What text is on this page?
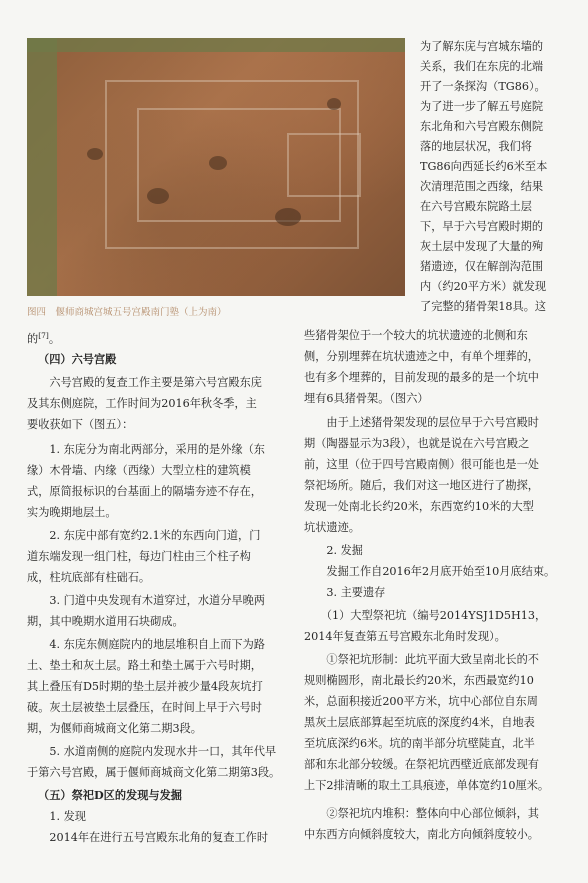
图四　偃师商城宫城五号宫殿南门塾（上为南）
为了解东庑与宫城东墙的
关系，我们在东庑的北端
开了一条探沟（TG86）。
为了进一步了解五号庭院
东北角和六号宫殿东侧院
落的地层状况，我们将
TG86向西延长约6米至本
次清理范围之西缘，结果
在六号宫殿东院路土层
下，早于六号宫殿时期的
灰土层中发现了大量的殉
猪遗迹，仅在解剖沟范围
内（约20平方米）就发现
了完整的猪骨架18具。这
的[7]。
（四）六号宫殿
　　六号宫殿的复查工作主要是第六号宫殿东庑
及其东侧庭院，工作时间为2016年秋冬季，主
要收获如下（图五）：
　　1. 东庑分为南北两部分，采用的是外缘（东
缘）木骨墙、内缘（西缘）大型立柱的建筑模
式，原简报标识的台基面上的隔墙夯迹不存在，
实为晚期地层土。
　　2. 东庑中部有宽约2.1米的东西向门道，门
道东端发现一组门柱，每边门柱由三个柱子构
成，柱坑底部有柱础石。
　　3. 门道中央发现有木道穿过，水道分早晚两
期，其中晚期水道用石块砌成。
　　4. 东庑东侧庭院内的地层堆积自上而下为路
土、垫土和灰土层。路土和垫土属于六号时期，
其上叠压有D5时期的垫土层并被少量4段灰坑打
破。灰土层被垫土层叠压，在时间上早于六号时
期，为偃师商城商文化第二期3段。
　　5. 水道南侧的庭院内发现水井一口，其年代早
于第六号宫殿，属于偃师商城商文化第二期第3段。
（五）祭祀D区的发现与发掘
　　1. 发现
　　2014年在进行五号宫殿东北角的复查工作时
些猪骨架位于一个较大的坑状遗迹的北侧和东
侧，分别埋葬在坑状遗迹之中，有单个埋葬的，
也有多个埋葬的，目前发现的最多的是一个坑中
埋有6具猪骨架。（图六）
　　由于上述猪骨架发现的层位早于六号宫殿时
期（陶器显示为3段），也就是说在六号宫殿之
前，这里（位于四号宫殿南侧）很可能也是一处
祭祀场所。随后，我们对这一地区进行了勘探，
发现一处南北长约20米，东西宽约10米的大型
坑状遗迹。
　　2. 发掘
　　发掘工作自2016年2月底开始至10月底结束。
　　3. 主要遗存
　　（1）大型祭祀坑（编号2014YSJ1D5H13，
2014年复查第五号宫殿东北角时发现）。
　　①祭祀坑形制：此坑平面大致呈南北长的不
规则椭圆形，南北最长约20米，东西最宽约10
米，总面积接近200平方米，坑中心部位自东周
黑灰土层底部算起至坑底的深度约4米，自地表
至坑底深约6米。坑的南半部分坑壁陡直，北半
部和东北部分较缓。在祭祀坑西壁近底部发现有
上下2排清晰的取土工具痕迹，单体宽约10厘米。
　　②祭祀坑内堆积：整体向中心部位倾斜，其
中东西方向倾斜度较大，南北方向倾斜度较小。
